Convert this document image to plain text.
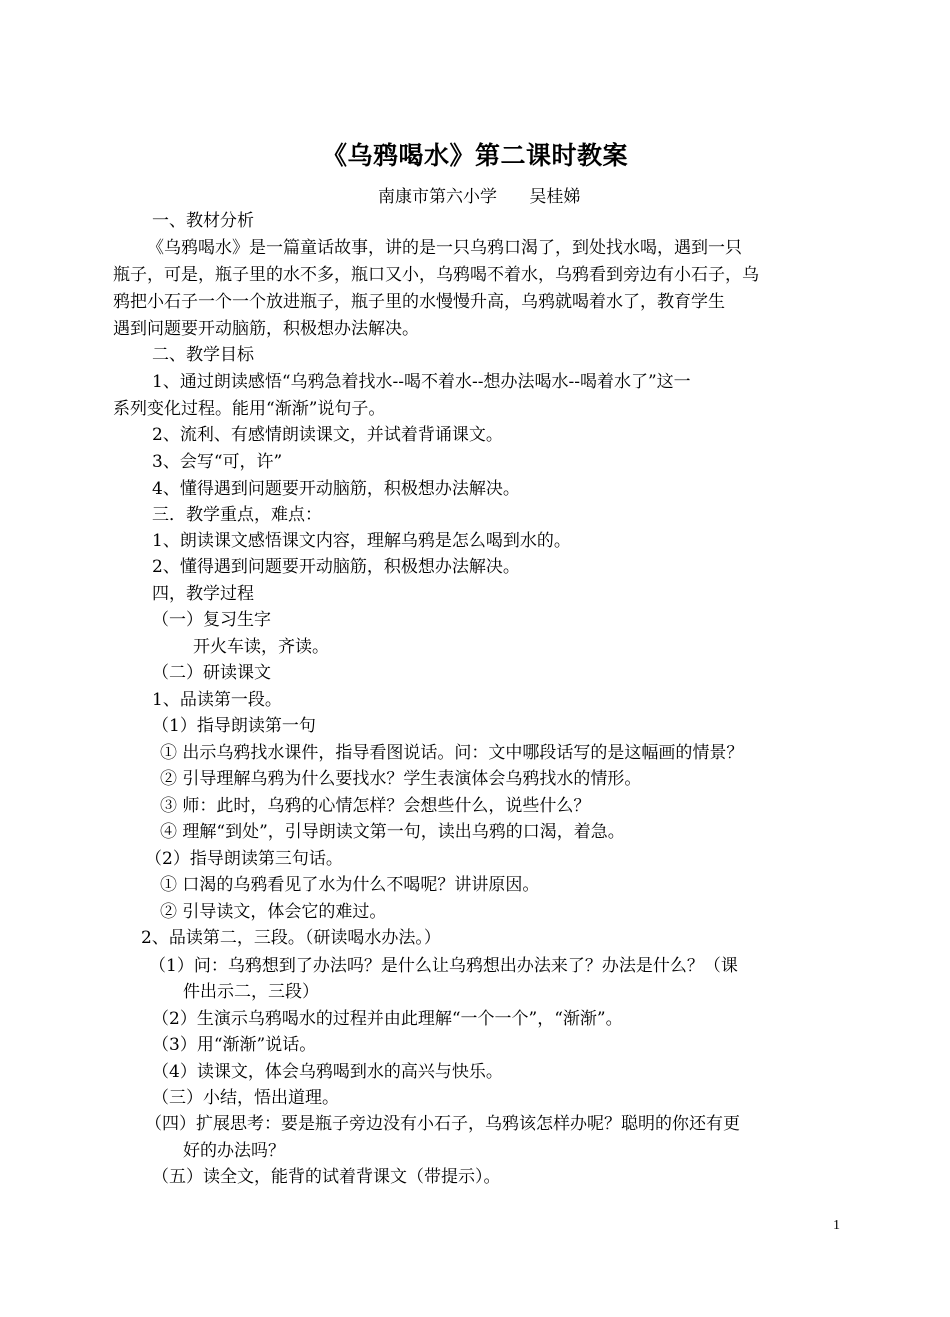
《乌鸦喝水》第二课时教案
南康市第六小学      吴桂娣
一、教材分析
《乌鸦喝水》是一篇童话故事，讲的是一只乌鸦口渴了，到处找水喝，遇到一只
瓶子，可是，瓶子里的水不多，瓶口又小，乌鸦喝不着水，乌鸦看到旁边有小石子，乌
鸦把小石子一个一个放进瓶子，瓶子里的水慢慢升高，乌鸦就喝着水了，教育学生
遇到问题要开动脑筋，积极想办法解决。
二、教学目标
1、通过朗读感悟“乌鸦急着找水--喝不着水--想办法喝水--喝着水了”这一
系列变化过程。能用“渐渐”说句子。
2、流利、有感情朗读课文，并试着背诵课文。
3、会写“可，许”
4、懂得遇到问题要开动脑筋，积极想办法解决。
三．教学重点，难点：
1、朗读课文感悟课文内容，理解乌鸦是怎么喝到水的。
2、懂得遇到问题要开动脑筋，积极想办法解决。
四，教学过程
（一）复习生字
开火车读，齐读。
（二）研读课文
1、品读第一段。
（1）指导朗读第一句
① 出示乌鸦找水课件，指导看图说话。问：文中哪段话写的是这幅画的情景？
② 引导理解乌鸦为什么要找水？学生表演体会乌鸦找水的情形。
③ 师：此时，乌鸦的心情怎样？会想些什么，说些什么？
④ 理解“到处”，引导朗读文第一句，读出乌鸦的口渴，着急。
（2）指导朗读第三句话。
① 口渴的乌鸦看见了水为什么不喝呢？讲讲原因。
② 引导读文，体会它的难过。
2、品读第二，三段。（研读喝水办法。）
（1）问：乌鸦想到了办法吗？是什么让乌鸦想出办法来了？办法是什么？（课
件出示二，三段）
（2）生演示乌鸦喝水的过程并由此理解“一个一个”，“渐渐”。
（3）用“渐渐”说话。
（4）读课文，体会乌鸦喝到水的高兴与快乐。
（三）小结，悟出道理。
（四）扩展思考：要是瓶子旁边没有小石子，乌鸦该怎样办呢？聪明的你还有更
好的办法吗？
（五）读全文，能背的试着背课文（带提示）。
1
